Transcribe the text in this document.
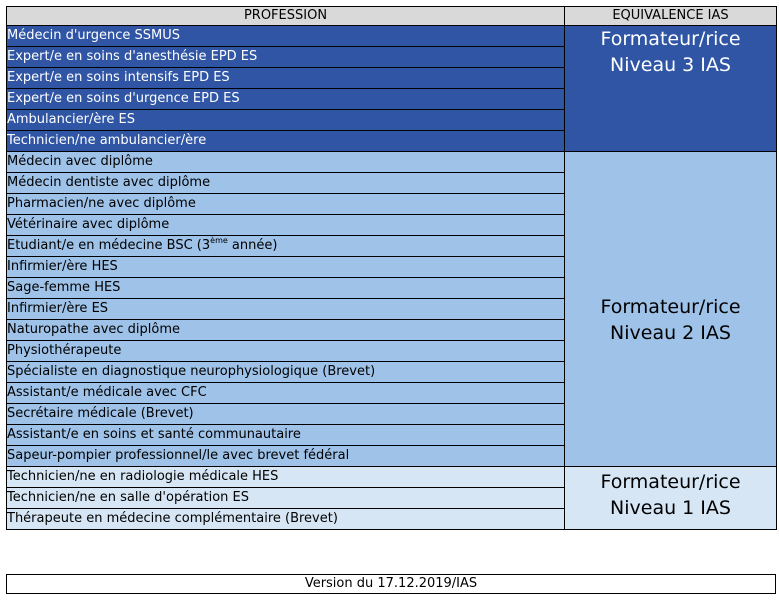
PROFESSION	EQUIVALENCE IAS
Médecin d'urgence SSMUS	Formateur/rice
Niveau 3 IAS

Expert/e en soins d'anesthésie EPD ES	
Expert/e en soins intensifs EPD ES	
Expert/e en soins d'urgence EPD ES	
Ambulancier/ère ES	
Technicien/ne ambulancier/ère	
Médecin avec diplôme	Formateur/rice
Niveau 2 IAS

Médecin dentiste avec diplôme	
Pharmacien/ne avec diplôme	
Vétérinaire avec diplôme	
Etudiant/e en médecine BSC (3ème année)	
Infirmier/ère HES	
Sage-femme HES	
Infirmier/ère ES	
Naturopathe avec diplôme	
Physiothérapeute	
Spécialiste en diagnostique neurophysiologique (Brevet)	
Assistant/e médicale avec CFC	
Secrétaire médicale (Brevet)	
Assistant/e en soins et santé communautaire	
Sapeur-pompier professionnel/le avec brevet fédéral	
Technicien/ne en radiologie médicale HES	Formateur/rice
Niveau 1 IAS

Technicien/ne en salle d'opération ES	
Thérapeute en médecine complémentaire (Brevet)	
Version du 17.12.2019/IAS
